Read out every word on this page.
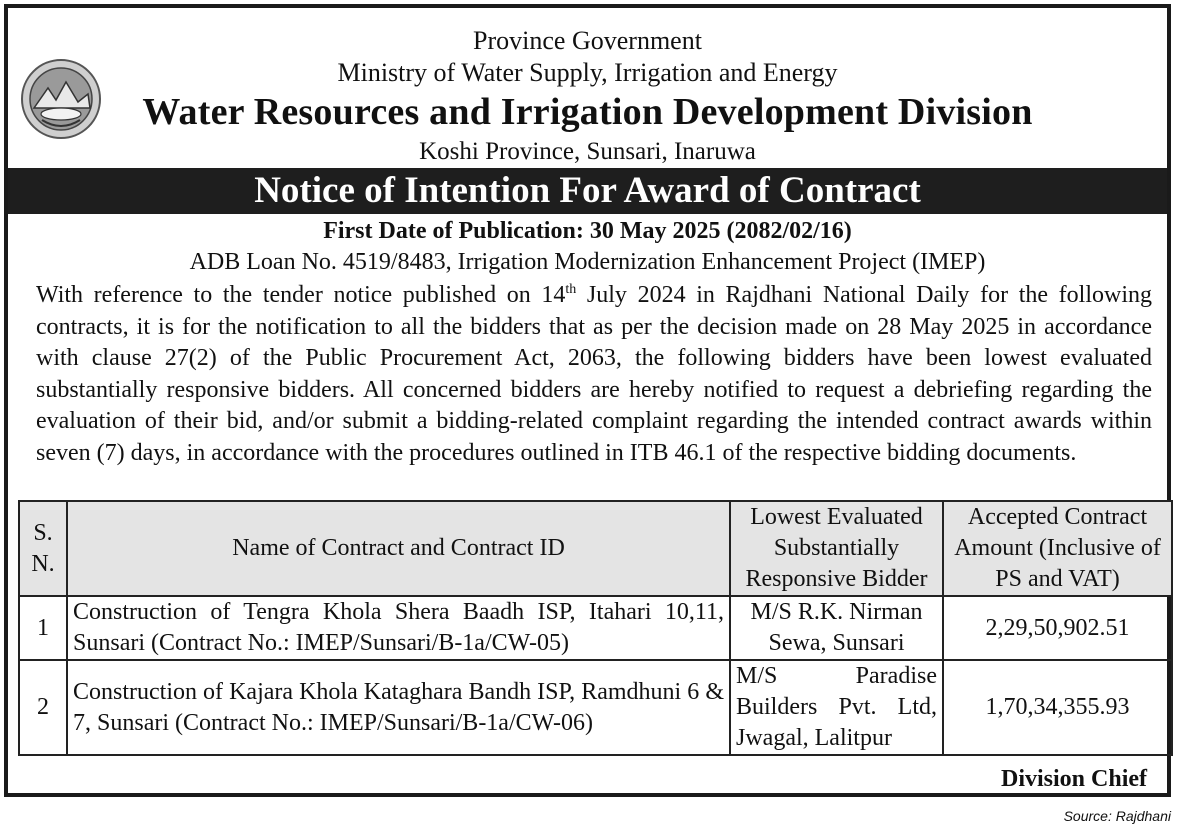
Province Government
Ministry of Water Supply, Irrigation and Energy
Water Resources and Irrigation Development Division
Koshi Province, Sunsari, Inaruwa
Notice of Intention For Award of Contract
First Date of Publication: 30 May 2025 (2082/02/16)
ADB Loan No. 4519/8483, Irrigation Modernization Enhancement Project (IMEP)
With reference to the tender notice published on 14th July 2024 in Rajdhani National Daily for the following contracts, it is for the notification to all the bidders that as per the decision made on 28 May 2025 in accordance with clause 27(2) of the Public Procurement Act, 2063, the following bidders have been lowest evaluated substantially responsive bidders. All concerned bidders are hereby notified to request a debriefing regarding the evaluation of their bid, and/or submit a bidding-related complaint regarding the intended contract awards within seven (7) days, in accordance with the procedures outlined in ITB 46.1 of the respective bidding documents.
S. N.	Name of Contract and Contract ID	Lowest Evaluated Substantially Responsive Bidder	Accepted Contract Amount (Inclusive of PS and VAT)
1	Construction of Tengra Khola Shera Baadh ISP, Itahari 10,11, Sunsari (Contract No.: IMEP/Sunsari/B-1a/CW-05)	M/S R.K. Nirman Sewa, Sunsari	2,29,50,902.51
2	Construction of Kajara Khola Kataghara Bandh ISP, Ramdhuni 6 & 7, Sunsari (Contract No.: IMEP/Sunsari/B-1a/CW-06)	M/S Paradise Builders Pvt. Ltd, Jwagal, Lalitpur	1,70,34,355.93
Division Chief
Source: Rajdhani
